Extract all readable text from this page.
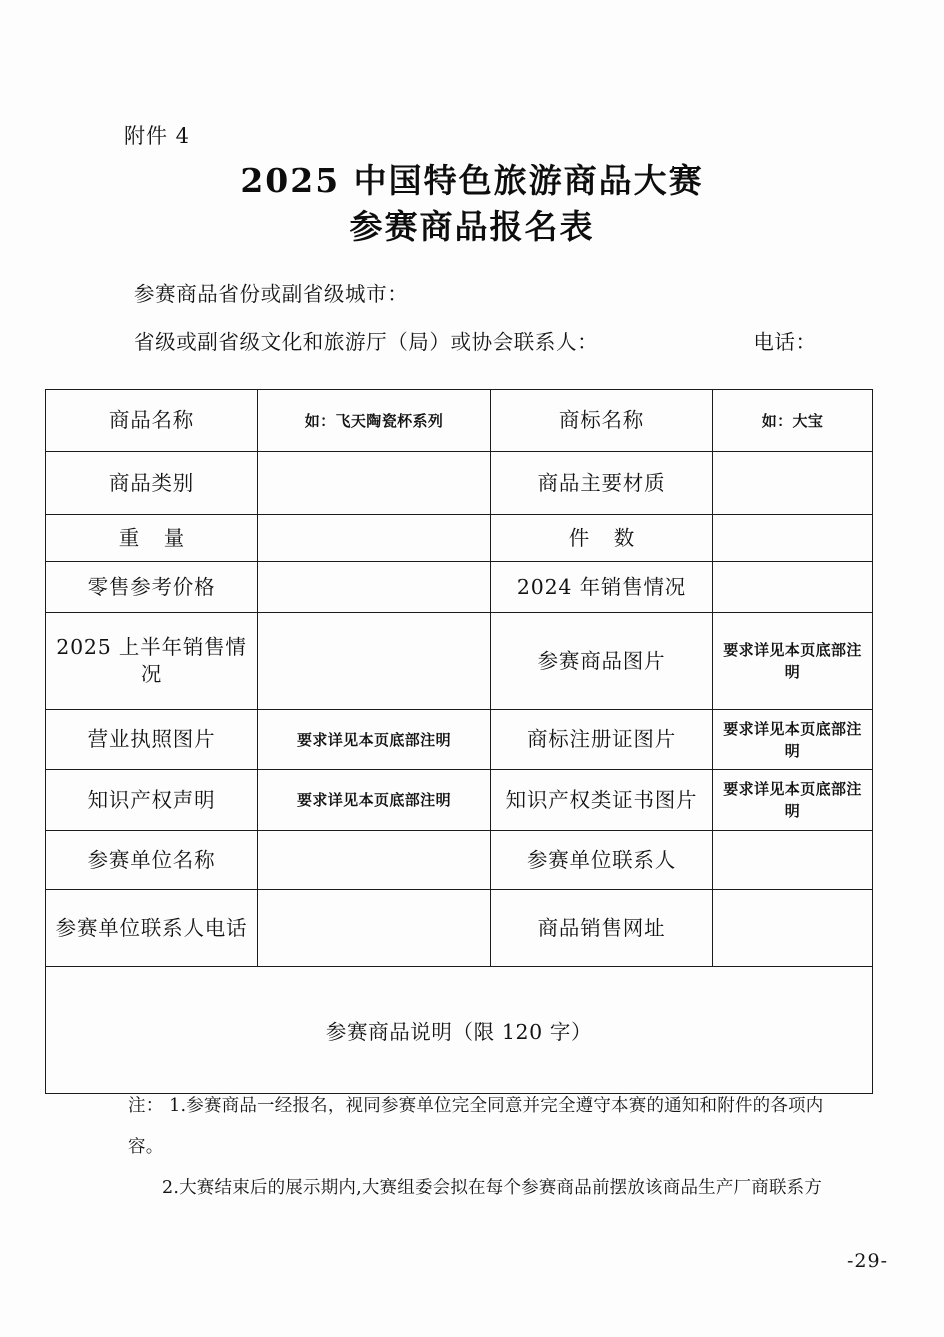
附件 4
2025 中国特色旅游商品大赛
参赛商品报名表
参赛商品省份或副省级城市：
省级或副省级文化和旅游厅（局）或协会联系人：	电话：
商品名称	如：飞天陶瓷杯系列	商标名称	如：大宝
商品类别		商品主要材质	
重 量		件 数	
零售参考价格		2024 年销售情况	
2025 上半年销售情况		参赛商品图片	要求详见本页底部注明
营业执照图片	要求详见本页底部注明	商标注册证图片	要求详见本页底部注明
知识产权声明	要求详见本页底部注明	知识产权类证书图片	要求详见本页底部注明
参赛单位名称		参赛单位联系人	
参赛单位联系人电话		商品销售网址	
参赛商品说明（限 120 字）			
注： 1.参赛商品一经报名，视同参赛单位完全同意并完全遵守本赛的通知和附件的各项内
容。
2.大赛结束后的展示期内,大赛组委会拟在每个参赛商品前摆放该商品生产厂商联系方
-29-
